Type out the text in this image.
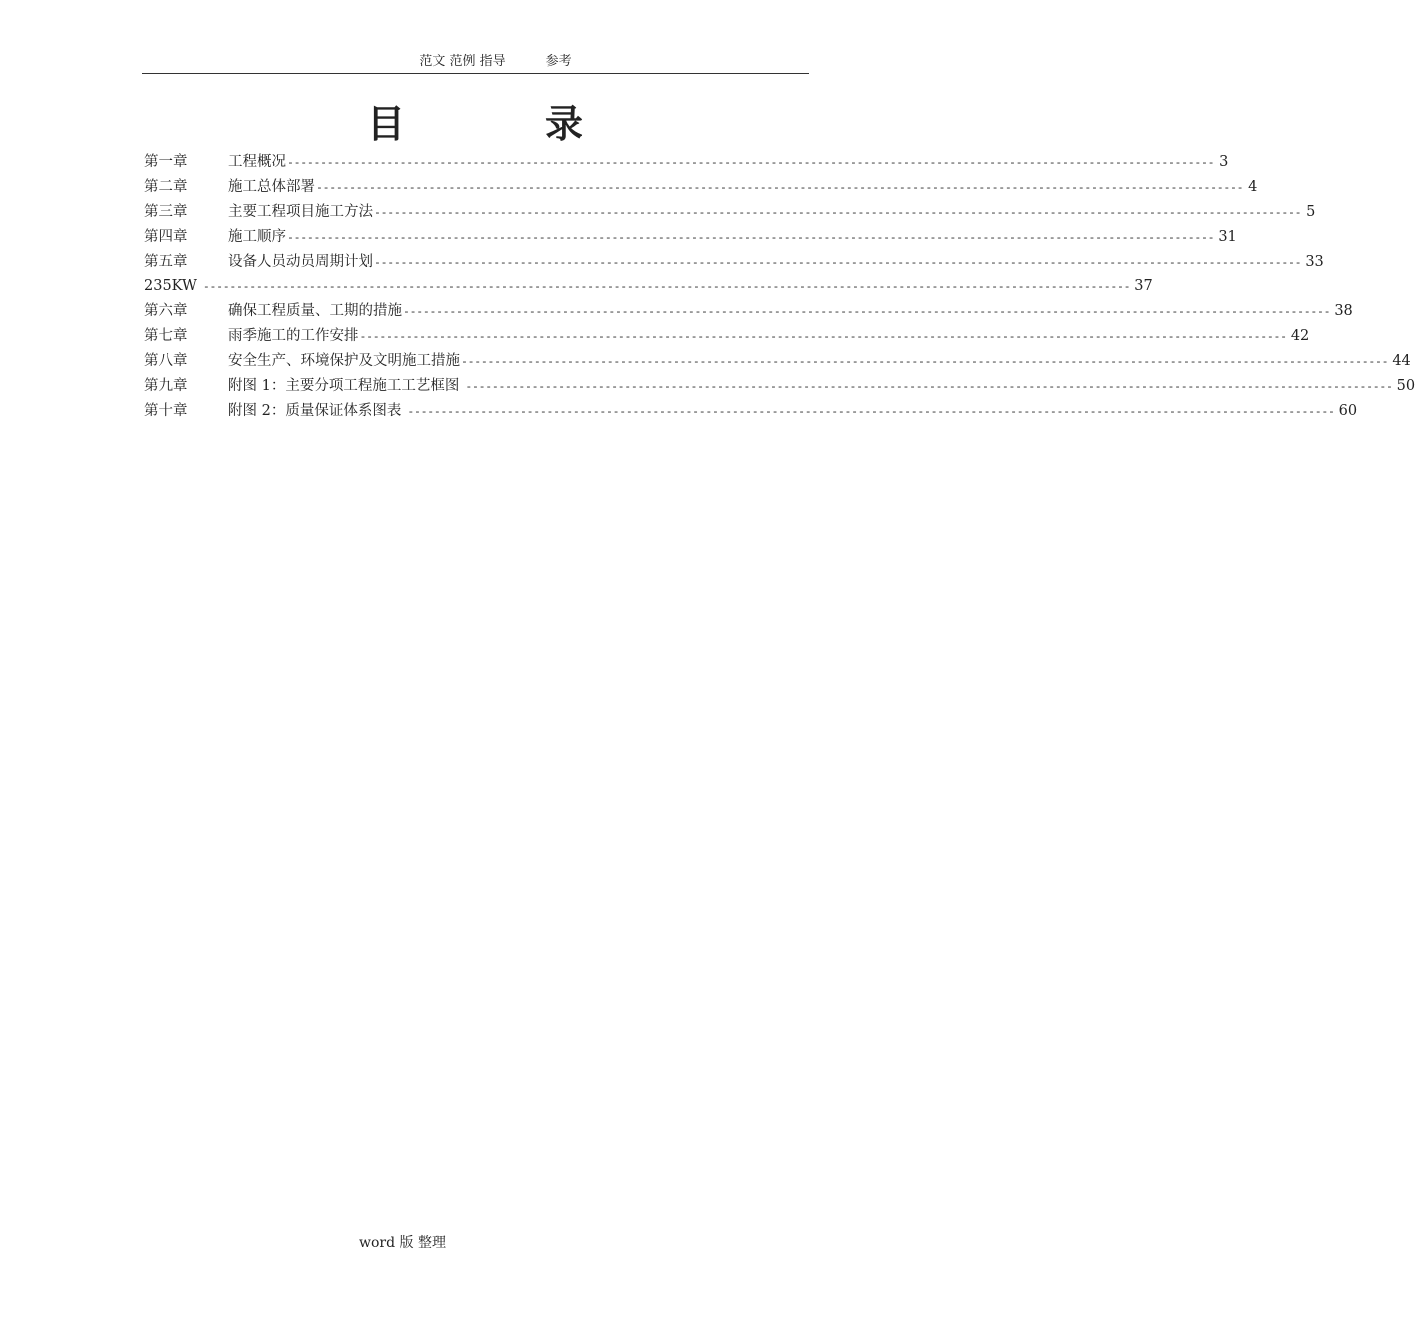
范文 范例 指导	参考
目	录
第一章	工程概况 -------------------------------------------------------------------------------------------------------------------------------------------- 3
第二章	施工总体部署 -------------------------------------------------------------------------------------------------------------------------------------------- 4
第三章	主要工程项目施工方法 -------------------------------------------------------------------------------------------------------------------------------------------- 5
第四章	施工顺序 -------------------------------------------------------------------------------------------------------------------------------------------- 31
第五章	设备人员动员周期计划 -------------------------------------------------------------------------------------------------------------------------------------------- 33
235KW -------------------------------------------------------------------------------------------------------------------------------------------- 37
第六章	确保工程质量、工期的措施 -------------------------------------------------------------------------------------------------------------------------------------------- 38
第七章	雨季施工的工作安排 -------------------------------------------------------------------------------------------------------------------------------------------- 42
第八章	安全生产、环境保护及文明施工措施 -------------------------------------------------------------------------------------------------------------------------------------------- 44
第九章	附图 1：主要分项工程施工工艺框图 -------------------------------------------------------------------------------------------------------------------------------------------- 50
第十章	附图 2：质量保证体系图表 -------------------------------------------------------------------------------------------------------------------------------------------- 60
word 版 整理
